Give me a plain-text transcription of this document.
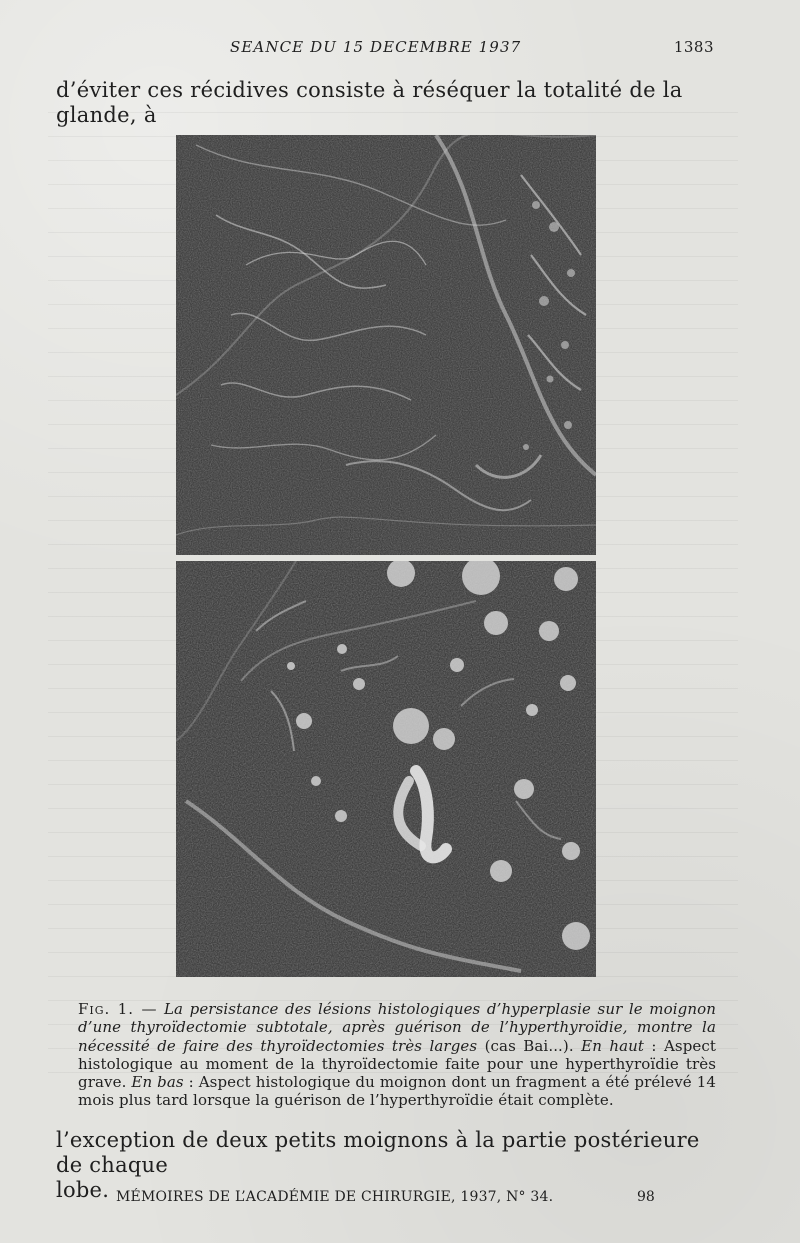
SEANCE DU 15 DECEMBRE 1937	1383
d’éviter ces récidives consiste à réséquer la totalité de la glande, à
Fig. 1. — La persistance des lésions histologiques d’hyperplasie sur le moignon d’une thyroïdectomie subtotale, après guérison de l’hyperthyroïdie, montre la nécessité de faire des thyroïdectomies très larges (cas Bai...). En haut : Aspect histologique au moment de la thyroïdectomie faite pour une hyperthyroïdie très grave. En bas : Aspect histologique du moignon dont un fragment a été prélevé 14 mois plus tard lorsque la guérison de l’hyperthyroïdie était complète.
l’exception de deux petits moignons à la partie postérieure de chaque
lobe. MÉMOIRES DE L’ACADÉMIE DE CHIRURGIE, 1937, N° 34.	98
